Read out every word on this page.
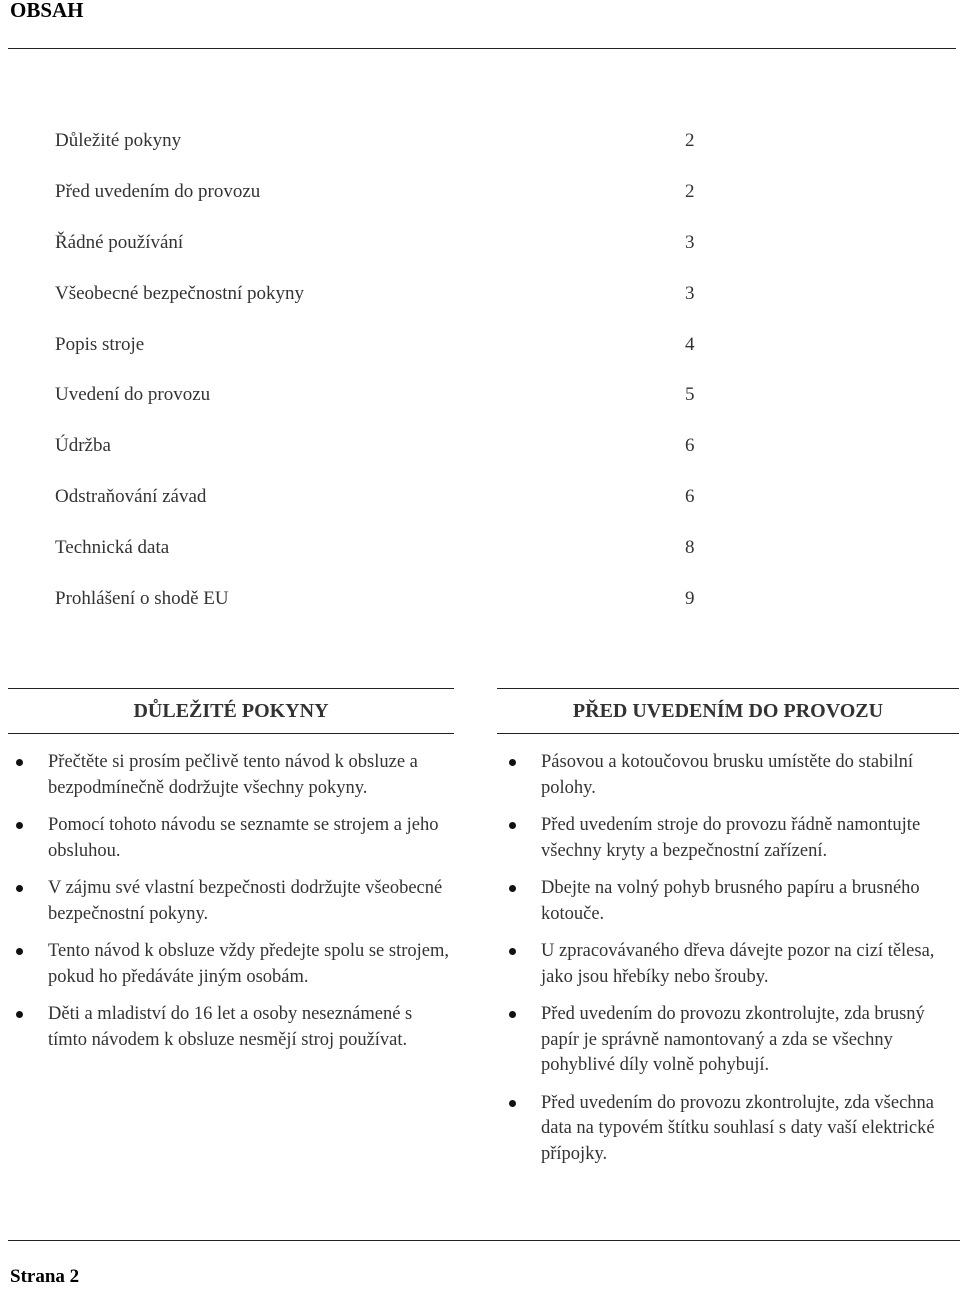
OBSAH
Důležité pokyny	2
Před uvedením do provozu	2
Řádné používání	3
Všeobecné bezpečnostní pokyny	3
Popis stroje	4
Uvedení do provozu	5
Údržba	6
Odstraňování závad	6
Technická data	8
Prohlášení o shodě EU	9
DŮLEŽITÉ POKYNY
Přečtěte si prosím pečlivě tento návod k obsluze a bezpodmínečně dodržujte všechny pokyny.
Pomocí tohoto návodu se seznamte se strojem a jeho obsluhou.
V zájmu své vlastní bezpečnosti dodržujte všeobecné bezpečnostní pokyny.
Tento návod k obsluze vždy předejte spolu se strojem, pokud ho předáváte jiným osobám.
Děti a mladiství do 16 let a osoby neseznámené s tímto návodem k obsluze nesmějí stroj používat.
PŘED UVEDENÍM DO PROVOZU
Pásovou a kotoučovou brusku umístěte do stabilní polohy.
Před uvedením stroje do provozu řádně namontujte všechny kryty a bezpečnostní zařízení.
Dbejte na volný pohyb brusného papíru a brusného kotouče.
U zpracovávaného dřeva dávejte pozor na cizí tělesa, jako jsou hřebíky nebo šrouby.
Před uvedením do provozu zkontrolujte, zda brusný papír je správně namontovaný a zda se všechny pohyblivé díly volně pohybují.
Před uvedením do provozu zkontrolujte, zda všechna data na typovém štítku souhlasí s daty vaší elektrické přípojky.
Strana 2
